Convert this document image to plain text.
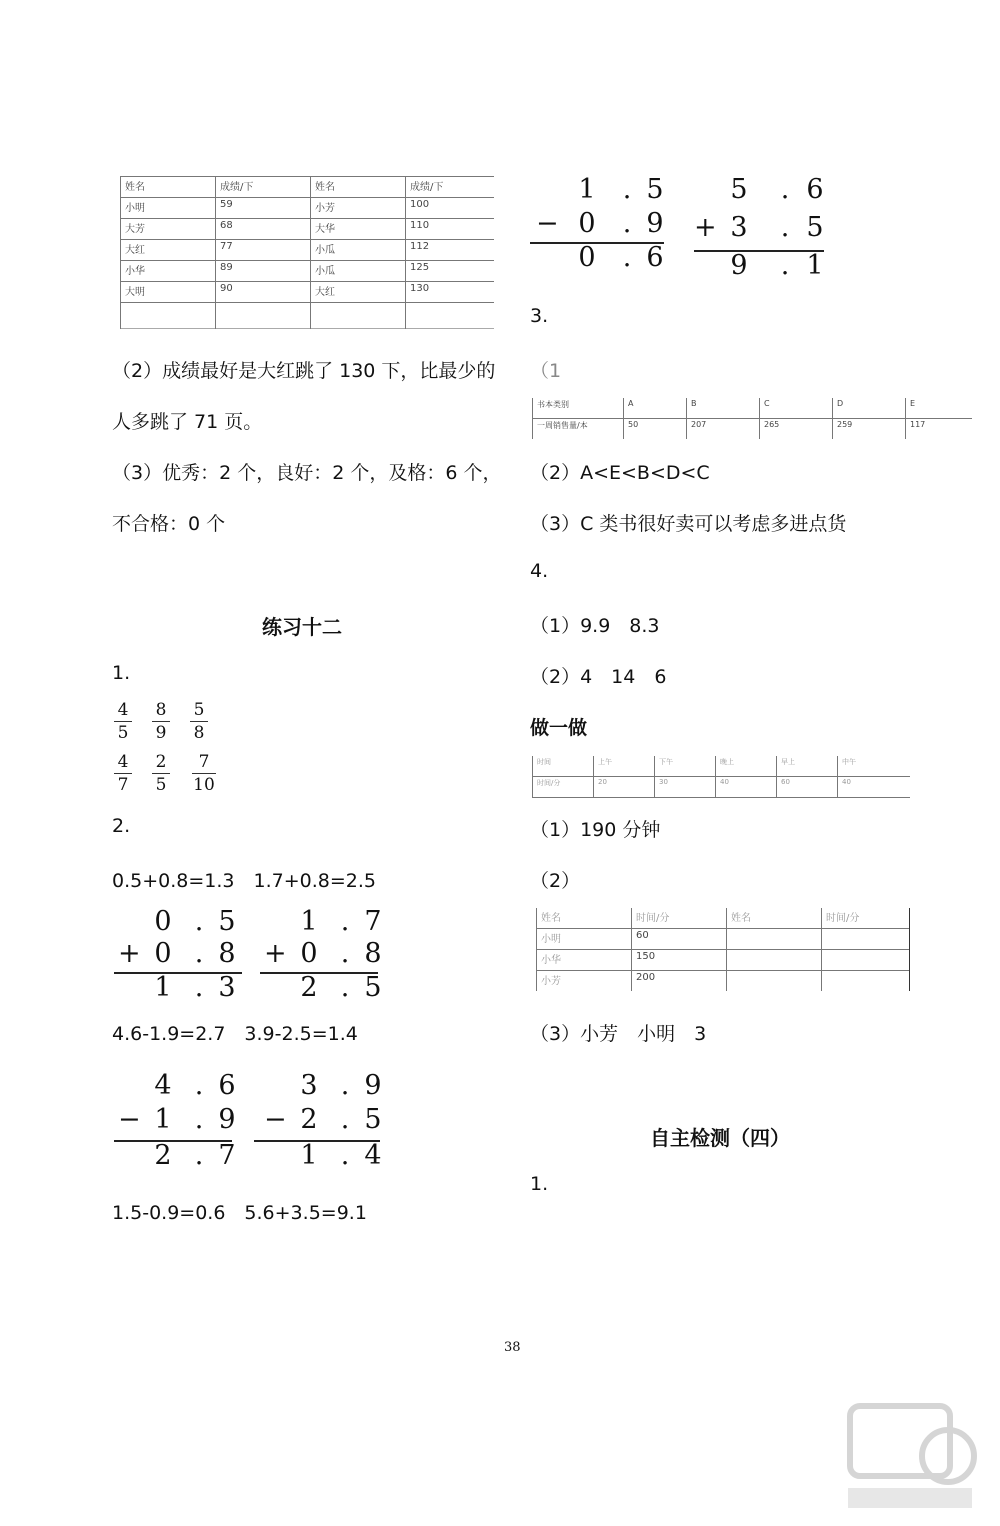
姓名	成绩/下	姓名	成绩/下
小明	59	小芳	100
大芳	68	大华	110
大红	77	小瓜	112
小华	89	小瓜	125
大明	90	大红	130

（2）成绩最好是大红跳了 130 下，比最少的
人多跳了 71 页。
（3）优秀：2 个，良好：2 个，及格：6 个，
不合格：0 个
练习十二
1.
4
5
8
9
5
8
4
7
2
5
7
10
2.
0.5+0.8=1.3　1.7+0.8=2.5
0 . 5
+ 0 . 8
1 . 3
1 . 7
+ 0 . 8
2 . 5
4.6-1.9=2.7　3.9-2.5=1.4
4 . 6
− 1 . 9
2 . 7
3 . 9
− 2 . 5
1 . 4
1.5-0.9=0.6　5.6+3.5=9.1
1 . 5
− 0 . 9
0 . 6
5 . 6
+ 3 . 5
9 . 1
3.
（1
书本类别	A	B	C	D	E
一周销售量/本	50	207	265	259	117
（2）A<E<B<D<C
（3）C 类书很好卖可以考虑多进点货
4.
（1）9.9　8.3
（2）4　14　6
做一做
时间	上午	下午	晚上	早上	中午
时间/分	20	30	40	60	40
（1）190 分钟
（2）
姓名	时间/分	姓名	时间/分
小明	60		
小华	150		
小芳	200		
（3）小芳　小明　3
自主检测（四）
1.
38
